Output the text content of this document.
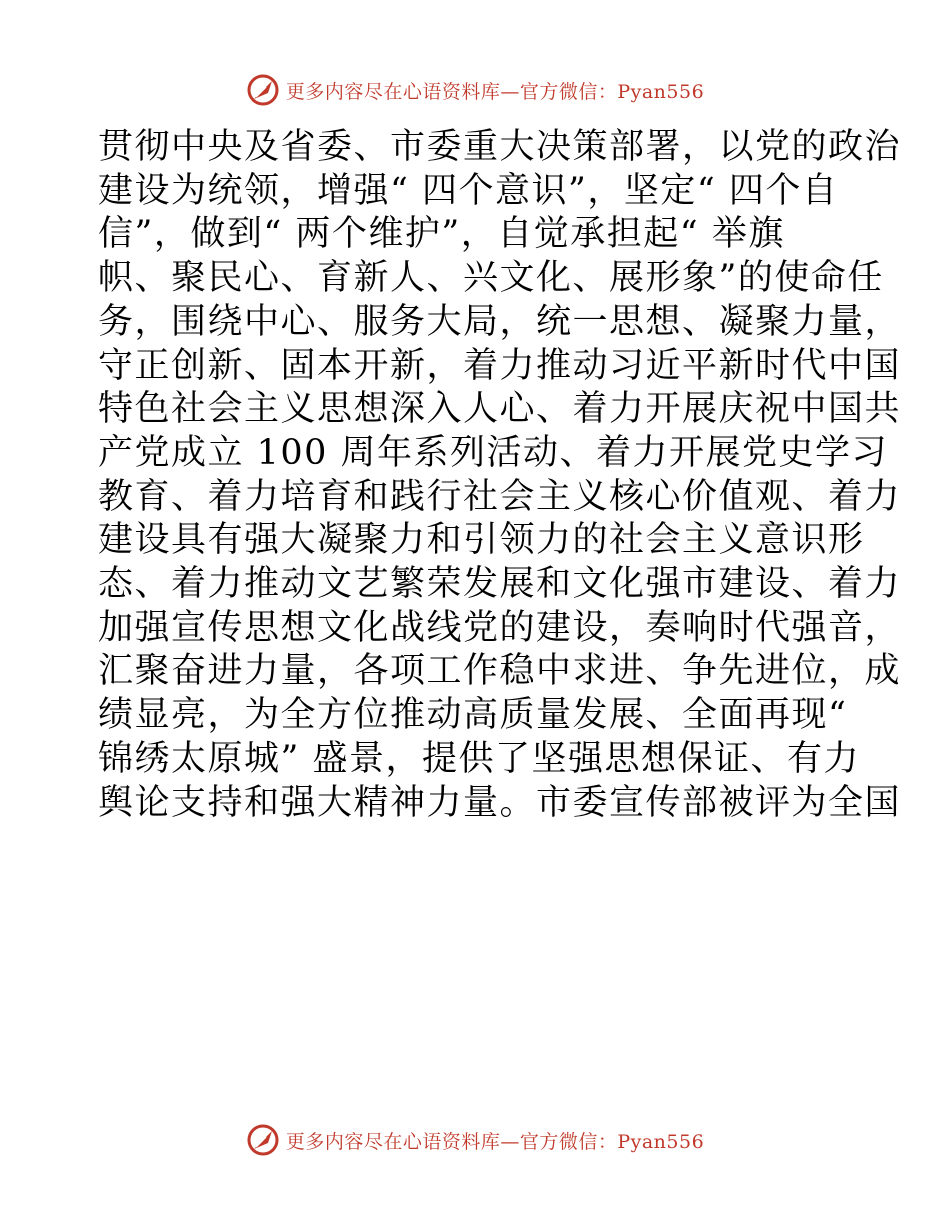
更多内容尽在心语资料库—官方微信：Pyan556
贯彻中央及省委、市委重大决策部署，以党的政治
建设为统领，增强“ 四个意识”，坚定“ 四个自
信”，做到“ 两个维护”，自觉承担起“ 举旗
帜、聚民心、育新人、兴文化、展形象”的使命任
务，围绕中心、服务大局，统一思想、凝聚力量，
守正创新、固本开新，着力推动习近平新时代中国
特色社会主义思想深入人心、着力开展庆祝中国共
产党成立 100 周年系列活动、着力开展党史学习
教育、着力培育和践行社会主义核心价值观、着力
建设具有强大凝聚力和引领力的社会主义意识形
态、着力推动文艺繁荣发展和文化强市建设、着力
加强宣传思想文化战线党的建设，奏响时代强音，
汇聚奋进力量，各项工作稳中求进、争先进位，成
绩显亮，为全方位推动高质量发展、全面再现“
锦绣太原城” 盛景，提供了坚强思想保证、有力
舆论支持和强大精神力量。市委宣传部被评为全国
更多内容尽在心语资料库—官方微信：Pyan556
